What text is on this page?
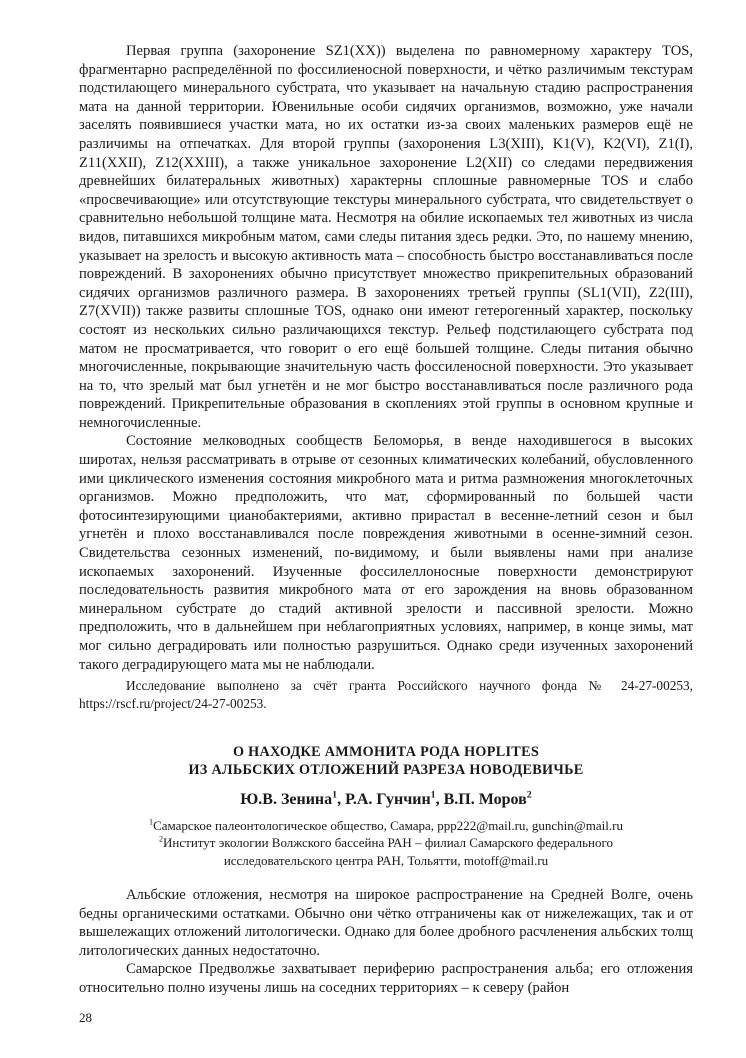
Первая группа (захоронение SZ1(XX)) выделена по равномерному характеру TOS, фрагментарно распределённой по фоссилиеносной поверхности, и чётко различимым текстурам подстилающего минерального субстрата, что указывает на начальную стадию распространения мата на данной территории. Ювенильные особи сидячих организмов, возможно, уже начали заселять появившиеся участки мата, но их остатки из-за своих маленьких размеров ещё не различимы на отпечатках. Для второй группы (захоронения L3(XIII), K1(V), K2(VI), Z1(I), Z11(XXII), Z12(XXIII), а также уникальное захоронение L2(XII) со следами передвижения древнейших билатеральных животных) характерны сплошные равномерные TOS и слабо «просвечивающие» или отсутствующие текстуры минерального субстрата, что свидетельствует о сравнительно небольшой толщине мата. Несмотря на обилие ископаемых тел животных из числа видов, питавшихся микробным матом, сами следы питания здесь редки. Это, по нашему мнению, указывает на зрелость и высокую активность мата – способность быстро восстанавливаться после повреждений. В захоронениях обычно присутствует множество прикрепительных образований сидячих организмов различного размера. В захоронениях третьей группы (SL1(VII), Z2(III), Z7(XVII)) также развиты сплошные TOS, однако они имеют гетерогенный характер, поскольку состоят из нескольких сильно различающихся текстур. Рельеф подстилающего субстрата под матом не просматривается, что говорит о его ещё большей толщине. Следы питания обычно многочисленные, покрывающие значительную часть фоссиленосной поверхности. Это указывает на то, что зрелый мат был угнетён и не мог быстро восстанавливаться после различного рода повреждений. Прикрепительные образования в скоплениях этой группы в основном крупные и немногочисленные.

Состояние мелководных сообществ Беломорья, в венде находившегося в высоких широтах, нельзя рассматривать в отрыве от сезонных климатических колебаний, обусловленного ими циклического изменения состояния микробного мата и ритма размножения многоклеточных организмов. Можно предположить, что мат, сформированный по большей части фотосинтезирующими цианобактериями, активно прирастал в весенне-летний сезон и был угнетён и плохо восстанавливался после повреждения животными в осенне-зимний сезон. Свидетельства сезонных изменений, по-видимому, и были выявлены нами при анализе ископаемых захоронений. Изученные фоссилеллоносные поверхности демонстрируют последовательность развития микробного мата от его зарождения на вновь образованном минеральном субстрате до стадий активной зрелости и пассивной зрелости. Можно предположить, что в дальнейшем при неблагоприятных условиях, например, в конце зимы, мат мог сильно деградировать или полностью разрушиться. Однако среди изученных захоронений такого деградирующего мата мы не наблюдали.

Исследование выполнено за счёт гранта Российского научного фонда № 24-27-00253, https://rscf.ru/project/24-27-00253.

О НАХОДКЕ АММОНИТА РОДА HOPLITES

ИЗ АЛЬБСКИХ ОТЛОЖЕНИЙ РАЗРЕЗА НОВОДЕВИЧЬЕ

Ю.В. Зенина$^1$, Р.А. Гунчин$^1$, В.П. Моров$^2$

$^1$Самарское палеонтологическое общество, Самара, ppp222@mail.ru, gunchin@mail.ru

$^2$Институт экологии Волжского бассейна РАН – филиал Самарского федерального

исследовательского центра РАН, Тольятти, motoff@mail.ru

Альбские отложения, несмотря на широкое распространение на Средней Волге, очень бедны органическими остатками. Обычно они чётко отграничены как от нижележащих, так и от вышележащих отложений литологически. Однако для более дробного расчленения альбских толщ литологических данных недостаточно.

Самарское Предволжье захватывает периферию распространения альба; его отложения относительно полно изучены лишь на соседних территориях – к северу (район

28
